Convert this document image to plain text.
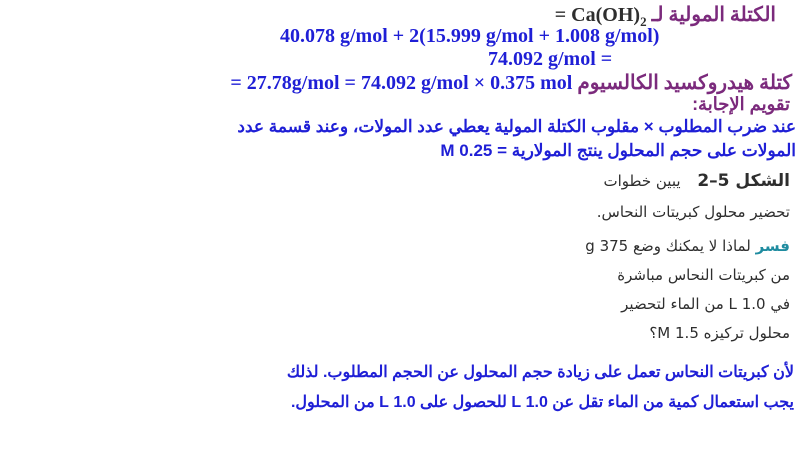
الكتلة المولية لـ = $Ca(OH)_2$
40.078 g/mol + 2(15.999 g/mol + 1.008 g/mol)
74.092 g/mol =
كتلة هيدروكسيد الكالسيوم = 27.78g/mol = 74.092 g/mol × 0.375 mol
تقويم الإجابة:
عند ضرب المطلوب × مقلوب الكتلة المولية يعطي عدد المولات، وعند قسمة عدد
المولات على حجم المحلول ينتج المولارية = 0.25 M
الشكل 5–2 يبين خطوات
تحضير محلول كبريتات النحاس.
فسر لماذا لا يمكنك وضع 375 g
من كبريتات النحاس مباشرة
في 1.0 L من الماء لتحضير
محلول تركيزه 1.5 M؟
لأن كبريتات النحاس تعمل على زيادة حجم المحلول عن الحجم المطلوب. لذلك
يجب استعمال كمية من الماء تقل عن 1.0 L للحصول على 1.0 L من المحلول.
